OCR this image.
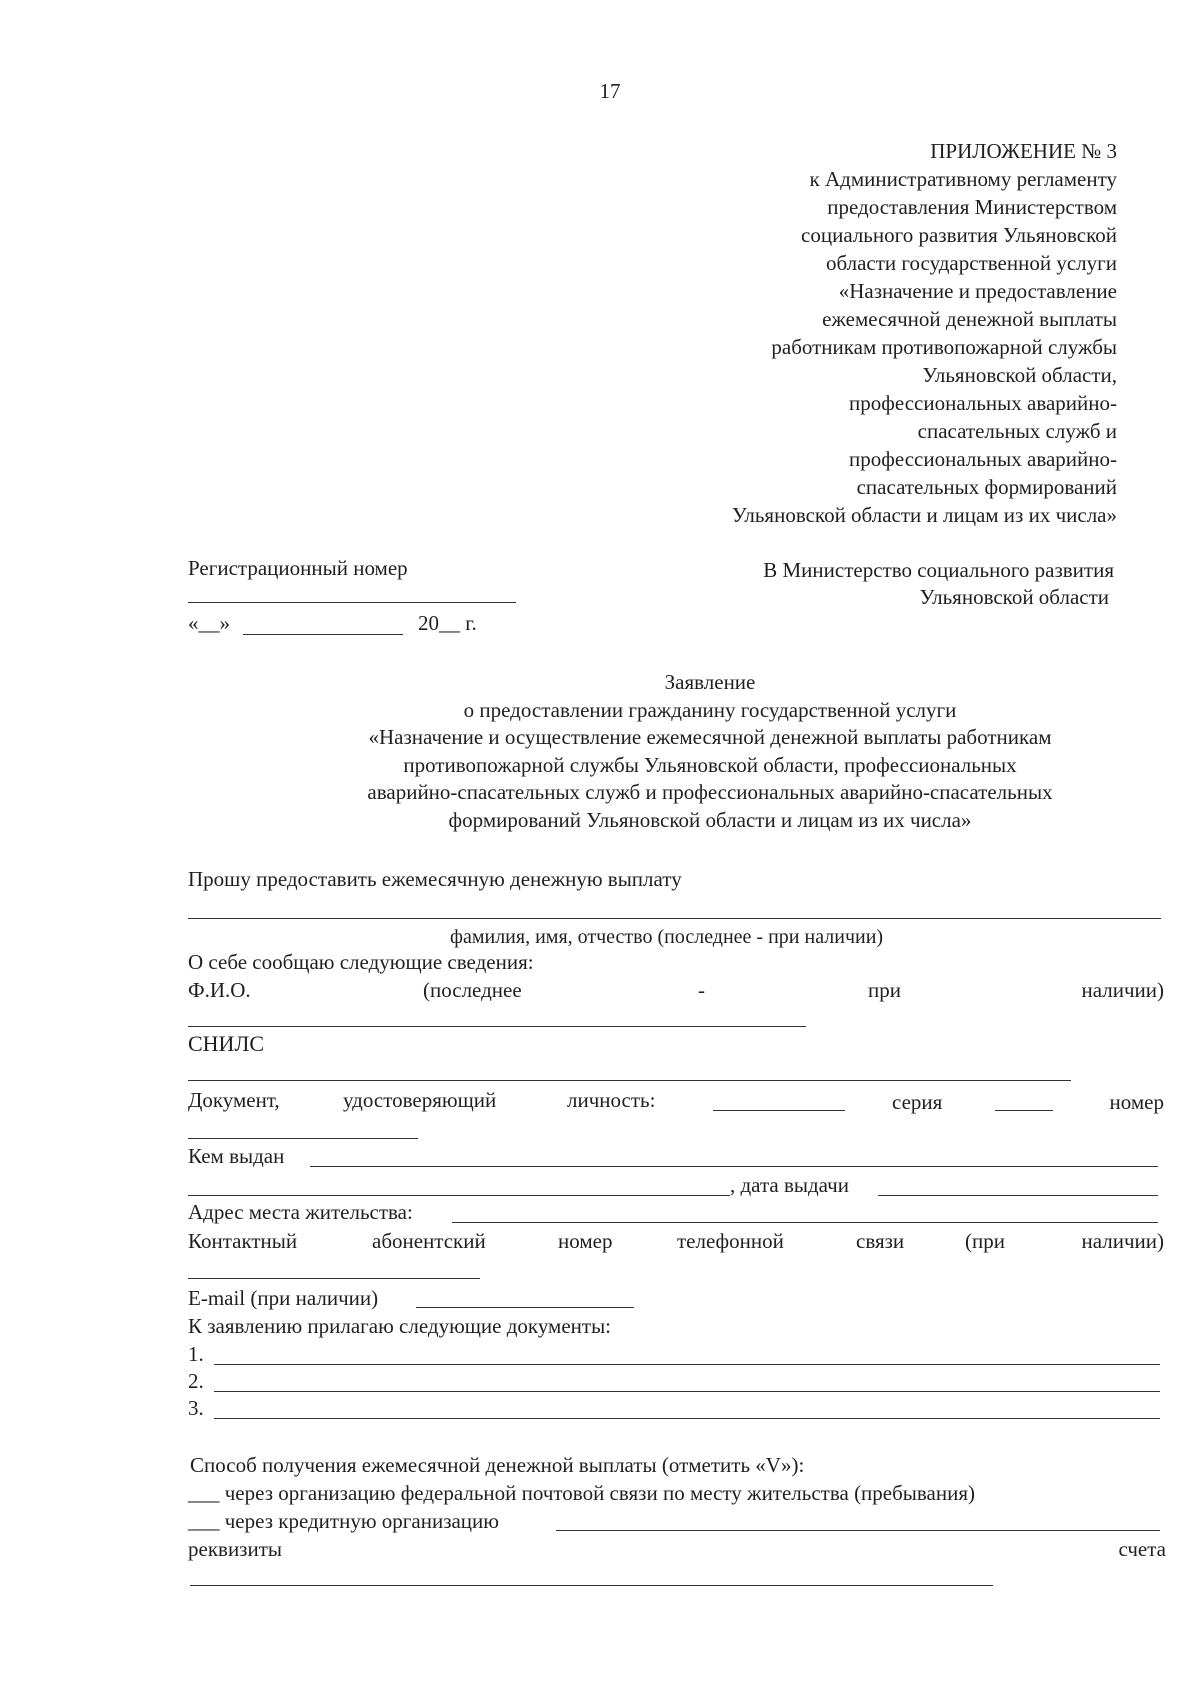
17
ПРИЛОЖЕНИЕ № 3
к Административному регламенту
предоставления Министерством
социального развития Ульяновской
области государственной услуги
«Назначение и предоставление
ежемесячной денежной выплаты
работникам противопожарной службы
Ульяновской области,
профессиональных аварийно-
спасательных служб и
профессиональных аварийно-
спасательных формирований
Ульяновской области и лицам из их числа»
Регистрационный номер
«__»	20__ г.
В Министерство социального развития
Ульяновской области
Заявление
о предоставлении гражданину государственной услуги
«Назначение и осуществление ежемесячной денежной выплаты работникам
противопожарной службы Ульяновской области, профессиональных
аварийно-спасательных служб и профессиональных аварийно-спасательных
формирований Ульяновской области и лицам из их числа»
Прошу предоставить ежемесячную денежную выплату
фамилия, имя, отчество (последнее - при наличии)
О себе сообщаю следующие сведения:
Ф.И.О.	(последнее	-	при	наличии)
СНИЛС
Документ,	удостоверяющий	личность:	серия	номер
Кем выдан
, дата выдачи
Адрес места жительства:
Контактный	абонентский	номер	телефонной	связи	(при	наличии)
E-mail (при наличии)
К заявлению прилагаю следующие документы:
1.
2.
3.
Способ получения ежемесячной денежной выплаты (отметить «V»):
___ через организацию федеральной почтовой связи по месту жительства (пребывания)
___ через кредитную организацию
реквизиты	счета
